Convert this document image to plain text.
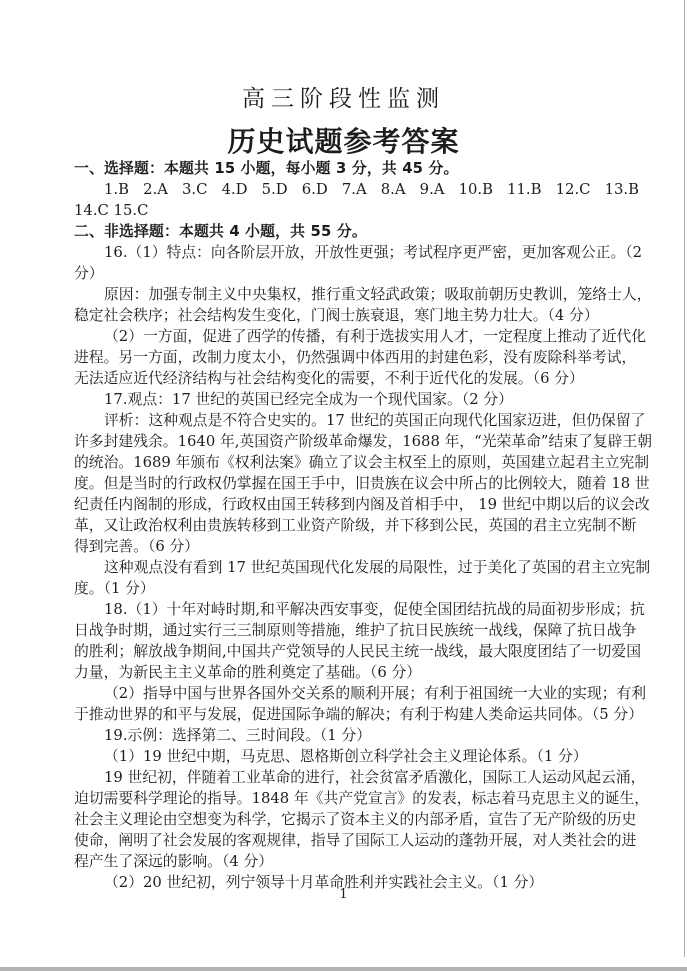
高三阶段性监测
历史试题参考答案
一、选择题：本题共 15 小题，每小题 3 分，共 45 分。
1.B   2.A   3.C   4.D   5.D   6.D   7.A   8.A   9.A   10.B   11.B   12.C   13.B
14.C 15.C
二、非选择题：本题共 4 小题，共 55 分。
16.（1）特点：向各阶层开放，开放性更强；考试程序更严密，更加客观公正。（2
分）
原因：加强专制主义中央集权，推行重文轻武政策；吸取前朝历史教训，笼络士人，
稳定社会秩序；社会结构发生变化，门阀士族衰退，寒门地主势力壮大。（4 分）
（2）一方面，促进了西学的传播，有利于选拔实用人才，一定程度上推动了近代化
进程。另一方面，改制力度太小，仍然强调中体西用的封建色彩，没有废除科举考试，
无法适应近代经济结构与社会结构变化的需要，不利于近代化的发展。（6 分）
17.观点：17 世纪的英国已经完全成为一个现代国家。（2 分）
评析：这种观点是不符合史实的。17 世纪的英国正向现代化国家迈进，但仍保留了
许多封建残余。1640 年,英国资产阶级革命爆发，1688 年，“光荣革命”结束了复辟王朝
的统治。1689 年颁布《权利法案》确立了议会主权至上的原则，英国建立起君主立宪制
度。但是当时的行政权仍掌握在国王手中，旧贵族在议会中所占的比例较大，随着 18 世
纪责任内阁制的形成，行政权由国王转移到内阁及首相手中， 19 世纪中期以后的议会改
革，又让政治权利由贵族转移到工业资产阶级，并下移到公民，英国的君主立宪制不断
得到完善。（6 分）
这种观点没有看到 17 世纪英国现代化发展的局限性，过于美化了英国的君主立宪制
度。（1 分）
18.（1）十年对峙时期,和平解决西安事变，促使全国团结抗战的局面初步形成；抗
日战争时期，通过实行三三制原则等措施，维护了抗日民族统一战线，保障了抗日战争
的胜利；解放战争期间,中国共产党领导的人民民主统一战线，最大限度团结了一切爱国
力量，为新民主主义革命的胜利奠定了基础。（6 分）
（2）指导中国与世界各国外交关系的顺利开展；有利于祖国统一大业的实现；有利
于推动世界的和平与发展，促进国际争端的解决；有利于构建人类命运共同体。（5 分）
19.示例：选择第二、三时间段。（1 分）
（1）19 世纪中期，马克思、恩格斯创立科学社会主义理论体系。（1 分）
19 世纪初，伴随着工业革命的进行，社会贫富矛盾激化，国际工人运动风起云涌，
迫切需要科学理论的指导。1848 年《共产党宣言》的发表，标志着马克思主义的诞生，
社会主义理论由空想变为科学，它揭示了资本主义的内部矛盾，宣告了无产阶级的历史
使命，阐明了社会发展的客观规律，指导了国际工人运动的蓬勃开展，对人类社会的进
程产生了深远的影响。（4 分）
（2）20 世纪初，列宁领导十月革命胜利并实践社会主义。（1 分）
1
